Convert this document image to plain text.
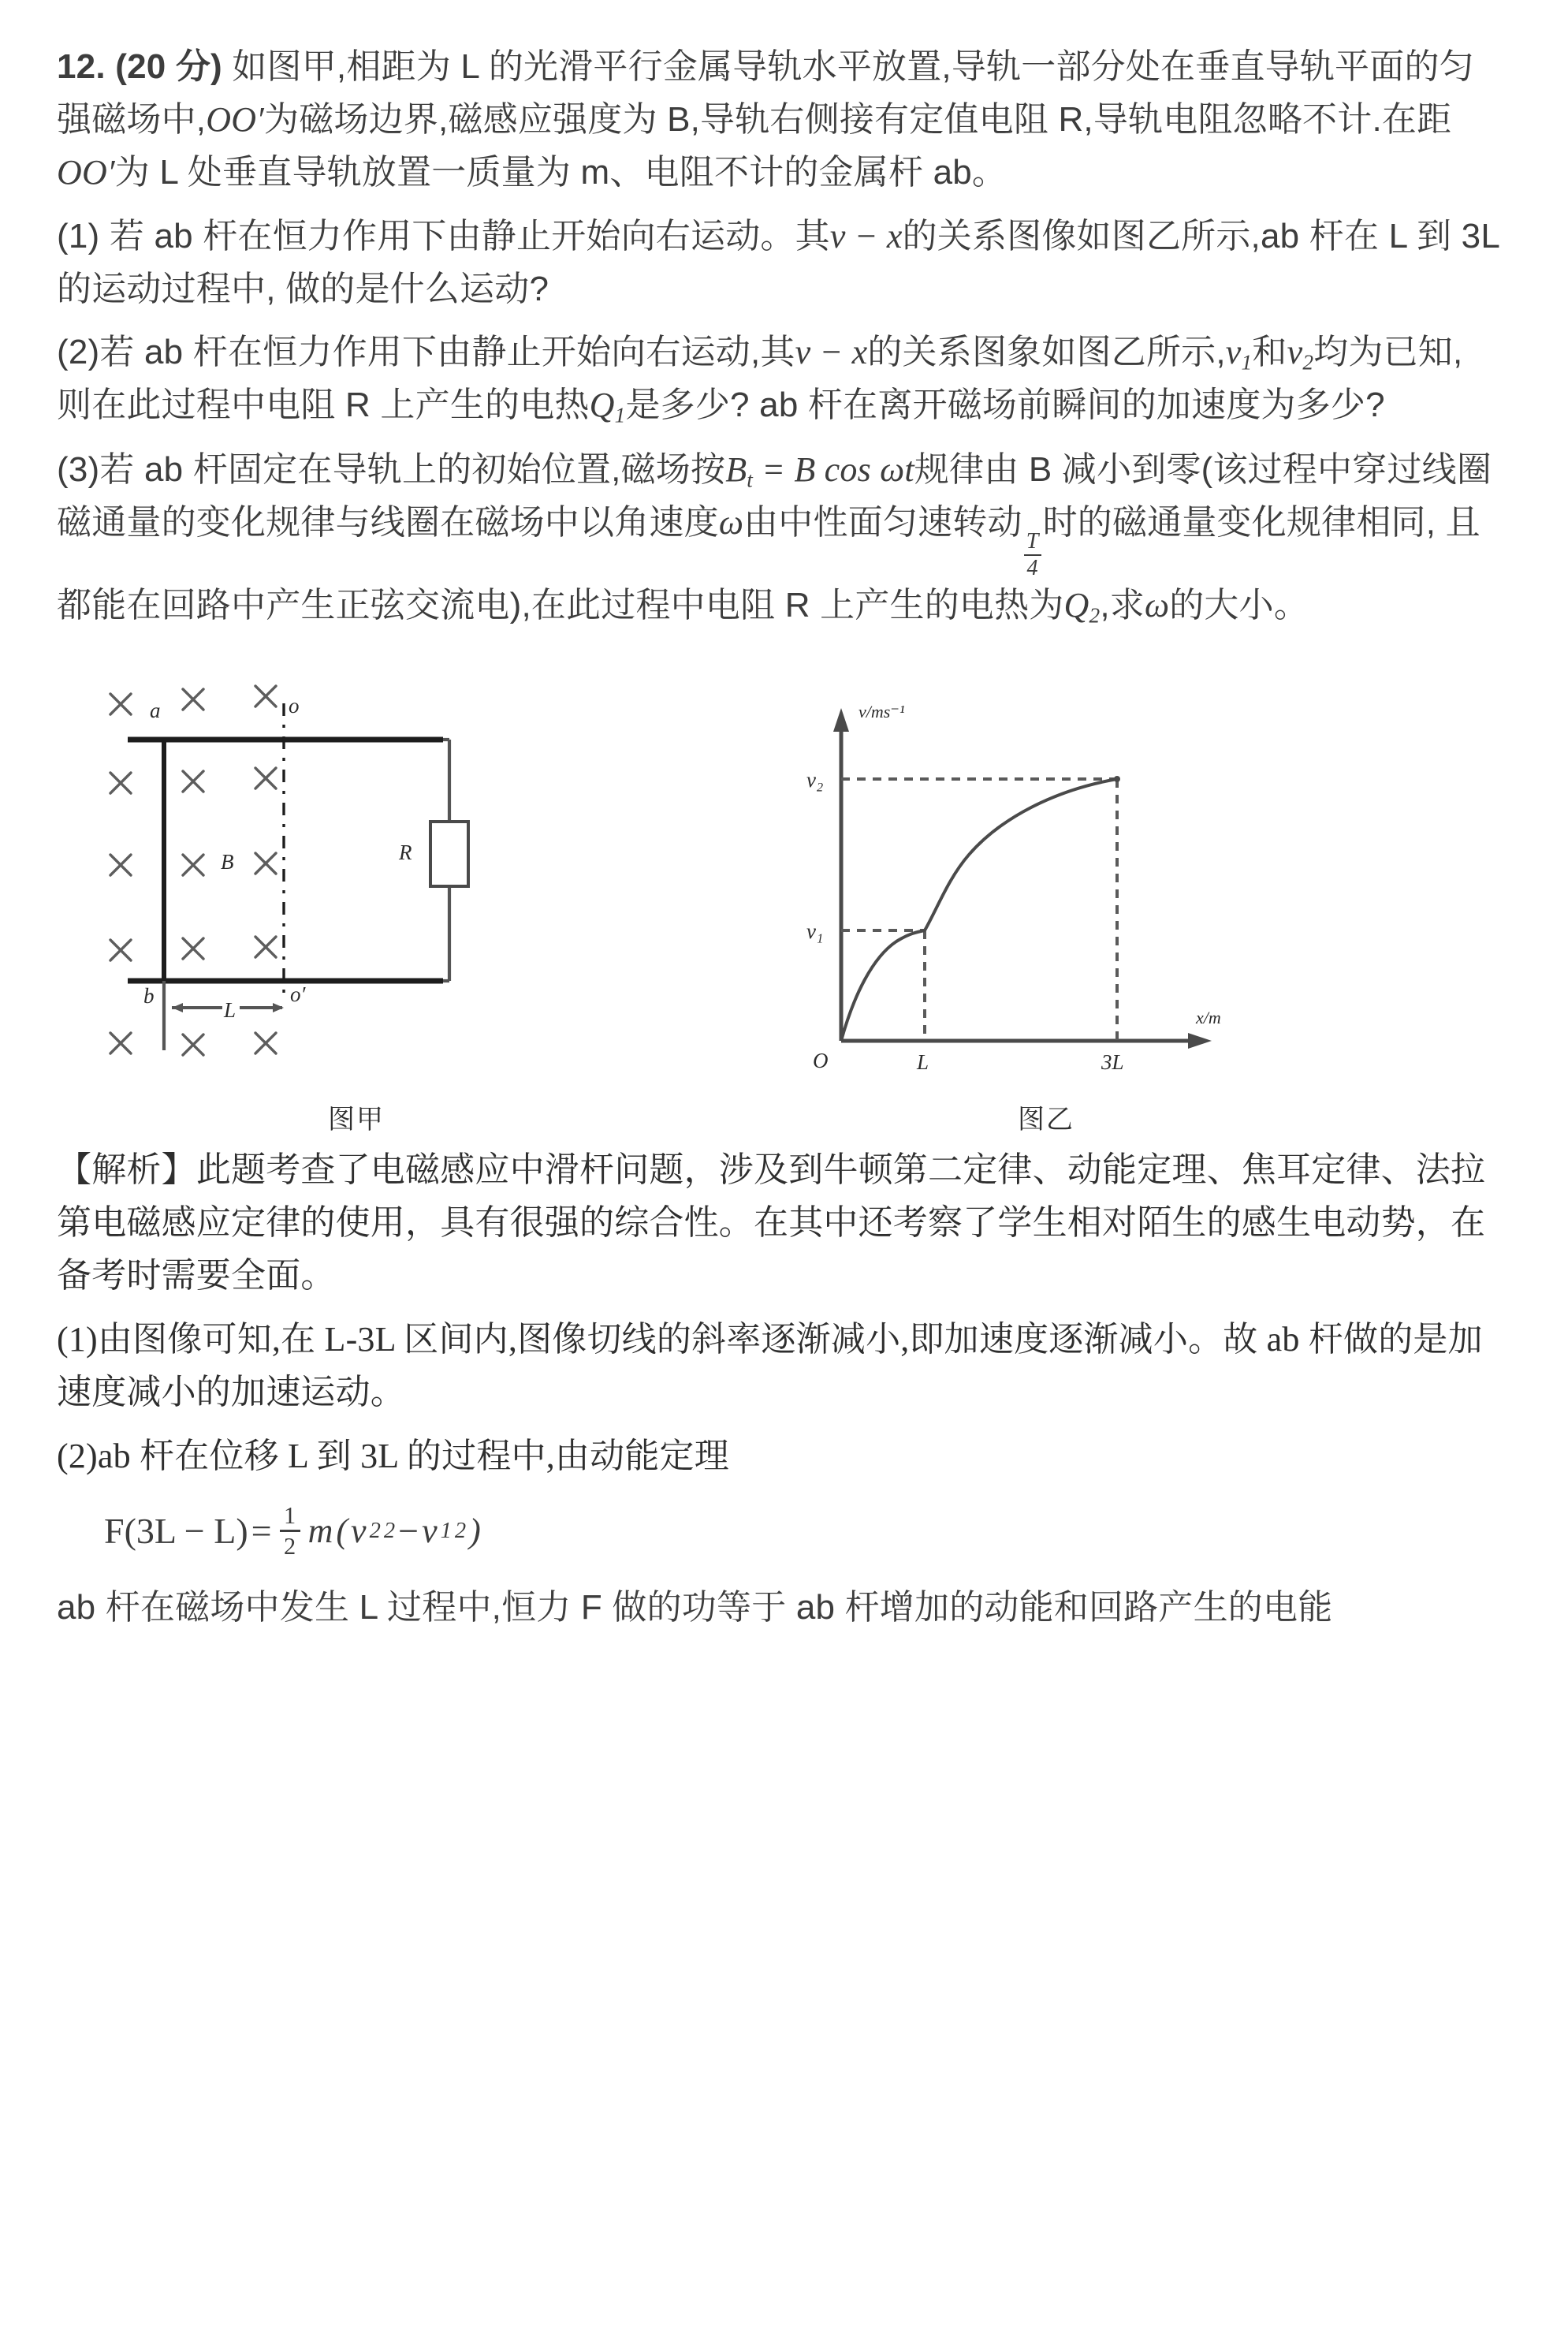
12. (20 分) 如图甲,相距为 L 的光滑平行金属导轨水平放置,导轨一部分处在垂直导轨平面的匀强磁场中,OO′为磁场边界,磁感应强度为 B,导轨右侧接有定值电阻 R,导轨电阻忽略不计.在距OO′为 L 处垂直导轨放置一质量为 m、电阻不计的金属杆 ab。

(1) 若 ab 杆在恒力作用下由静止开始向右运动。其v − x的关系图像如图乙所示,ab 杆在 L 到 3L 的运动过程中, 做的是什么运动?

(2)若 ab 杆在恒力作用下由静止开始向右运动,其v − x的关系图象如图乙所示$,v_1$和$v_2$均为已知, 则在此过程中电阻 R 上产生的电热$Q_1$是多少? ab 杆在离开磁场前瞬间的加速度为多少?

(3)若 ab 杆固定在导轨上的初始位置,磁场按$B_t = B$ cos ωt规律由 B 减小到零(该过程中穿过线圈磁通量的变化规律与线圈在磁场中以角速度ω由中性面匀速转动
$\frac{T}{4}$
时的磁通量变化规律相同, 且都能在回路中产生正弦交流电),在此过程中电阻 R 上产生的电热为$Q_2$,求ω的大小。

a
b
o
o′
B	R
L
图甲
v/ms⁻¹
x/m
O	L	3L
v₁
v₂
图乙

【解析】此题考查了电磁感应中滑杆问题，涉及到牛顿第二定律、动能定理、焦耳定律、法拉第电磁感应定律的使用，具有很强的综合性。在其中还考察了学生相对陌生的感生电动势，在备考时需要全面。

(1)由图像可知,在 L-3L 区间内,图像切线的斜率逐渐减小,即加速度逐渐减小。故 ab 杆做的是加速度减小的加速运动。

(2)ab 杆在位移 L 到 3L 的过程中,由动能定理

$F(3L - L) = \frac{1}{2}$ m ( v 2 2 − v 1 2 )

ab 杆在磁场中发生 L 过程中,恒力 F 做的功等于 ab 杆增加的动能和回路产生的电能
